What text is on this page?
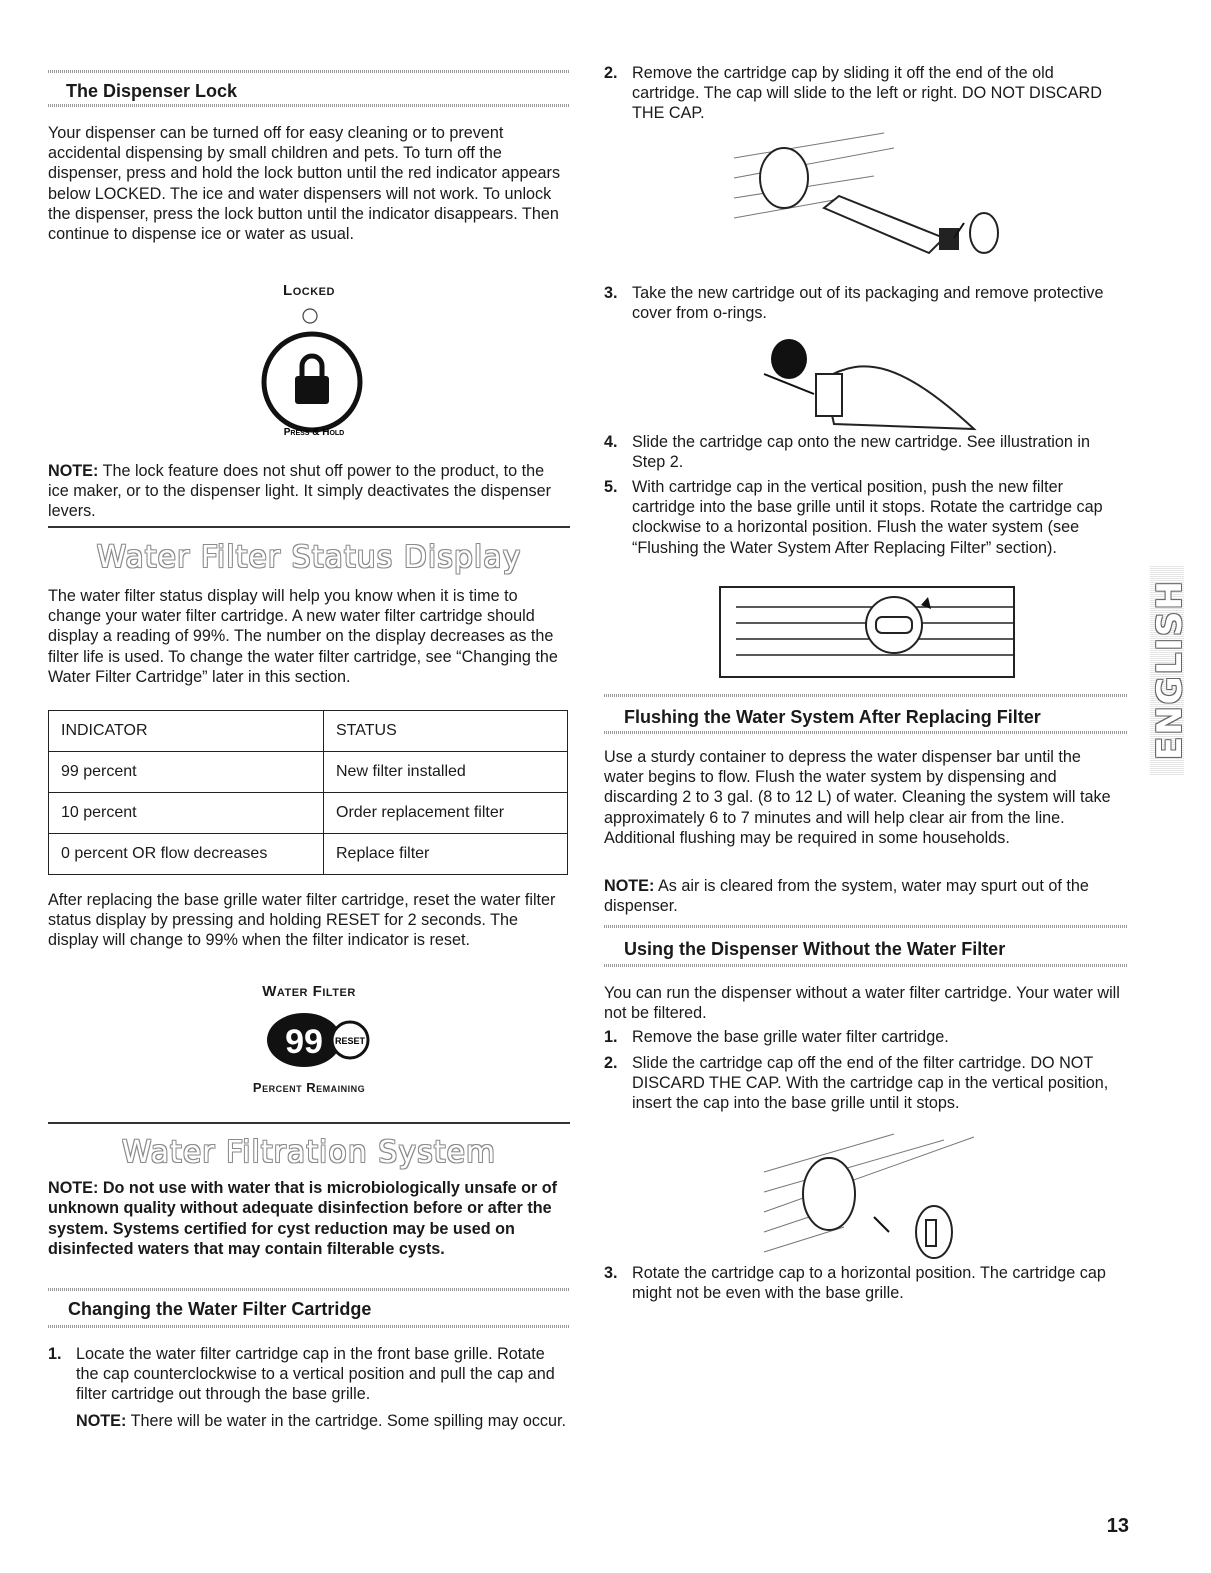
The Dispenser Lock

Your dispenser can be turned off for easy cleaning or to prevent accidental dispensing by small children and pets. To turn off the dispenser, press and hold the lock button until the red indicator appears below LOCKED. The ice and water dispensers will not work. To unlock the dispenser, press the lock button until the indicator disappears. Then continue to dispense ice or water as usual.

Locked
Press & Hold

NOTE: The lock feature does not shut off power to the product, to the ice maker, or to the dispenser light. It simply deactivates the dispenser levers.

Water Filter Status Display

The water filter status display will help you know when it is time to change your water filter cartridge. A new water filter cartridge should display a reading of 99%. The number on the display decreases as the filter life is used. To change the water filter cartridge, see “Changing the Water Filter Cartridge” later in this section.

INDICATOR	STATUS
99 percent	New filter installed
10 percent	Order replacement filter
0 percent OR flow decreases	Replace filter

After replacing the base grille water filter cartridge, reset the water filter status display by pressing and holding RESET for 2 seconds. The display will change to 99% when the filter indicator is reset.

Water Filter
99 RESET
Percent Remaining
Water Filtration System

NOTE: Do not use with water that is microbiologically unsafe or of unknown quality without adequate disinfection before or after the system. Systems certified for cyst reduction may be used on disinfected waters that may contain filterable cysts.

Changing the Water Filter Cartridge
1. Locate the water filter cartridge cap in the front base grille. Rotate the cap counterclockwise to a vertical position and pull the cap and filter cartridge out through the base grille.

NOTE: There will be water in the cartridge. Some spilling may occur.

2. Remove the cartridge cap by sliding it off the end of the old cartridge. The cap will slide to the left or right. DO NOT DISCARD THE CAP.

3. Take the new cartridge out of its packaging and remove protective cover from o-rings.

4. Slide the cartridge cap onto the new cartridge. See illustration in Step 2.

5. With cartridge cap in the vertical position, push the new filter cartridge into the base grille until it stops. Rotate the cartridge cap clockwise to a horizontal position. Flush the water system (see “Flushing the Water System After Replacing Filter” section).

Flushing the Water System After Replacing Filter

Use a sturdy container to depress the water dispenser bar until the water begins to flow. Flush the water system by dispensing and discarding 2 to 3 gal. (8 to 12 L) of water. Cleaning the system will take approximately 6 to 7 minutes and will help clear air from the line. Additional flushing may be required in some households.

NOTE: As air is cleared from the system, water may spurt out of the dispenser.

Using the Dispenser Without the Water Filter

You can run the dispenser without a water filter cartridge. Your water will not be filtered.

1. Remove the base grille water filter cartridge.

2. Slide the cartridge cap off the end of the filter cartridge. DO NOT DISCARD THE CAP. With the cartridge cap in the vertical position, insert the cap into the base grille until it stops.

3. Rotate the cartridge cap to a horizontal position. The cartridge cap might not be even with the base grille.

ENGLISH
13
